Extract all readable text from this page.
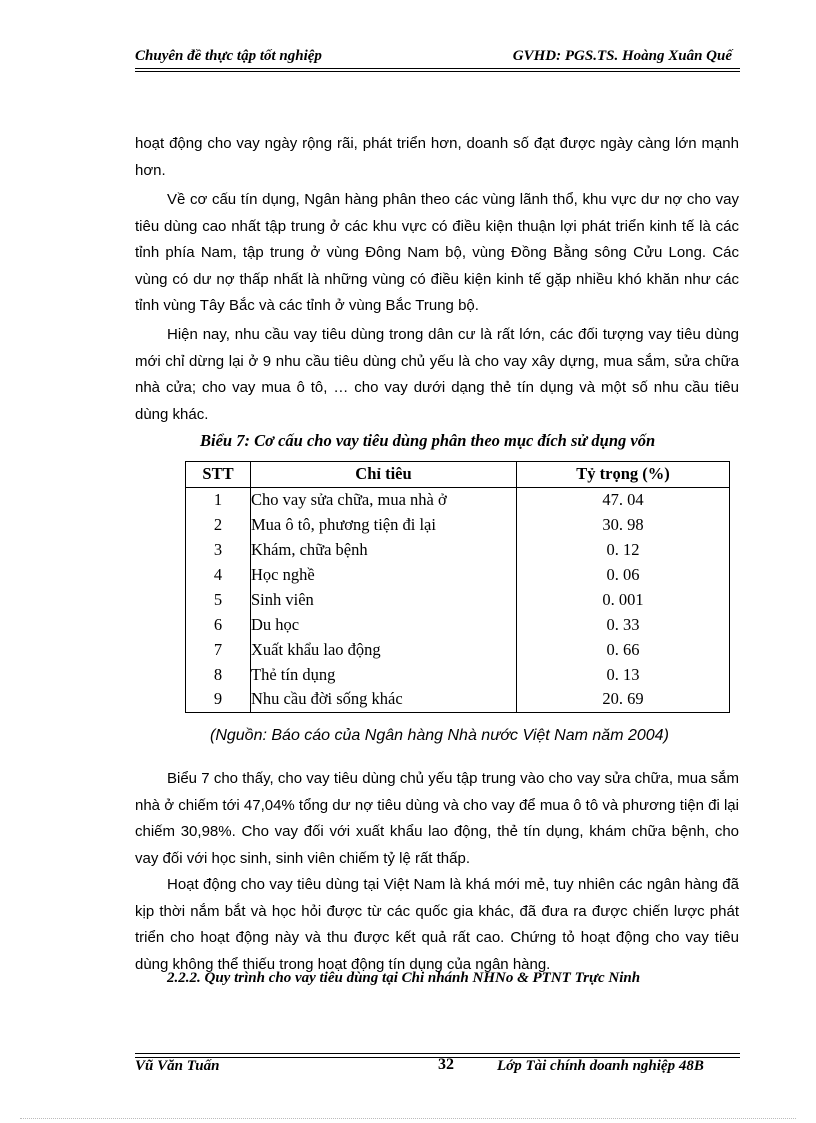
Chuyên đề thực tập tốt nghiệp	GVHD: PGS.TS. Hoàng Xuân Quế

hoạt động cho vay ngày rộng rãi, phát triển hơn, doanh số đạt được ngày càng lớn mạnh hơn.

Về cơ cấu tín dụng, Ngân hàng phân theo các vùng lãnh thổ, khu vực dư nợ cho vay tiêu dùng cao nhất tập trung ở các khu vực có điều kiện thuận lợi phát triển kinh tế là các tỉnh phía Nam, tập trung ở vùng Đông Nam bộ, vùng Đồng Bằng sông Cửu Long. Các vùng có dư nợ thấp nhất là những vùng có điều kiện kinh tế gặp nhiều khó khăn như các tỉnh vùng Tây Bắc và các tỉnh ở vùng Bắc Trung bộ.

Hiện nay, nhu cầu vay tiêu dùng trong dân cư là rất lớn, các đối tượng vay tiêu dùng mới chỉ dừng lại ở 9 nhu cầu tiêu dùng chủ yếu là cho vay xây dựng, mua sắm, sửa chữa nhà cửa; cho vay mua ô tô, … cho vay dưới dạng thẻ tín dụng và một số nhu cầu tiêu dùng khác.

Biểu 7: Cơ cấu cho vay tiêu dùng phân theo mục đích sử dụng vốn
STT	Chỉ tiêu	Tỷ trọng (%)
1	Cho vay sửa chữa, mua nhà ở	47. 04
2	Mua ô tô, phương tiện đi lại	30. 98
3	Khám, chữa bệnh	0. 12
4	Học nghề	0. 06
5	Sinh viên	0. 001
6	Du học	0. 33
7	Xuất khẩu lao động	0. 66
8	Thẻ tín dụng	0. 13
9	Nhu cầu đời sống khác	20. 69
(Nguồn: Báo cáo của Ngân hàng Nhà nước Việt Nam năm 2004)

Biểu 7 cho thấy, cho vay tiêu dùng chủ yếu tập trung vào cho vay sửa chữa, mua sắm nhà ở chiếm tới 47,04% tổng dư nợ tiêu dùng và cho vay để mua ô tô và phương tiện đi lại chiếm 30,98%. Cho vay đối với xuất khẩu lao động, thẻ tín dụng, khám chữa bệnh, cho vay đối với học sinh, sinh viên chiếm tỷ lệ rất thấp.

Hoạt động cho vay tiêu dùng tại Việt Nam là khá mới mẻ, tuy nhiên các ngân hàng đã kịp thời nắm bắt và học hỏi được từ các quốc gia khác, đã đưa ra được chiến lược phát triển cho hoạt động này và thu được kết quả rất cao. Chứng tỏ hoạt động cho vay tiêu dùng không thể thiếu trong hoạt động tín dụng của ngân hàng.

2.2.2. Quy trình cho vay tiêu dùng tại Chi nhánh NHNo & PTNT Trực Ninh
Vũ Văn Tuấn	32	Lớp Tài chính doanh nghiệp 48B
